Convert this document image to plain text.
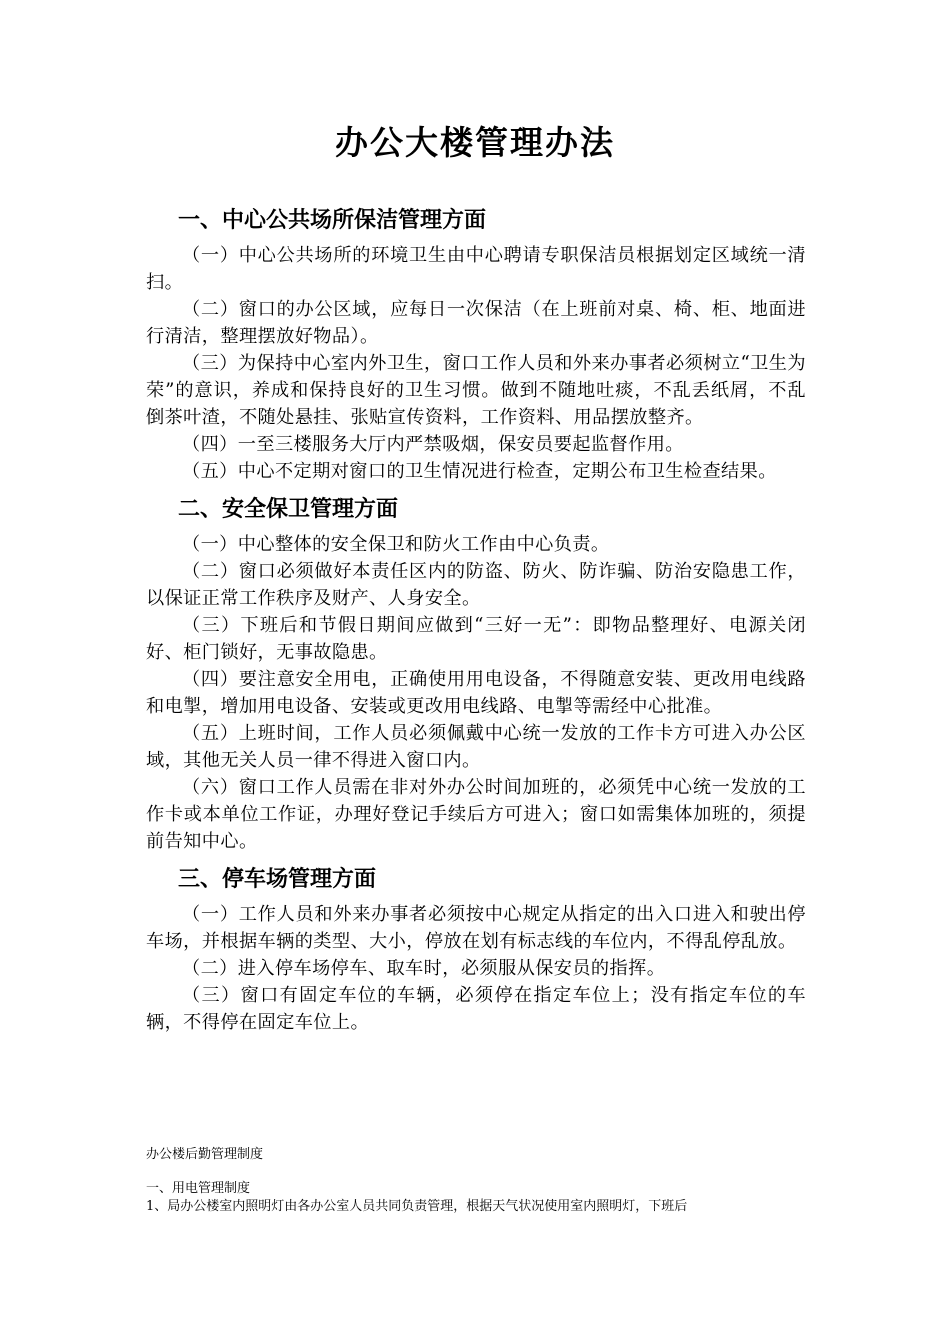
办公大楼管理办法
一、中心公共场所保洁管理方面

（一）中心公共场所的环境卫生由中心聘请专职保洁员根据划定区域统一清扫。

（二）窗口的办公区域，应每日一次保洁（在上班前对桌、椅、柜、地面进行清洁，整理摆放好物品）。

（三）为保持中心室内外卫生，窗口工作人员和外来办事者必须树立“卫生为荣”的意识，养成和保持良好的卫生习惯。做到不随地吐痰，不乱丢纸屑，不乱倒茶叶渣，不随处悬挂、张贴宣传资料，工作资料、用品摆放整齐。

（四）一至三楼服务大厅内严禁吸烟，保安员要起监督作用。

（五）中心不定期对窗口的卫生情况进行检查，定期公布卫生检查结果。

二、安全保卫管理方面

（一）中心整体的安全保卫和防火工作由中心负责。

（二）窗口必须做好本责任区内的防盗、防火、防诈骗、防治安隐患工作，以保证正常工作秩序及财产、人身安全。

（三）下班后和节假日期间应做到“三好一无”：即物品整理好、电源关闭好、柜门锁好，无事故隐患。

（四）要注意安全用电，正确使用用电设备，不得随意安装、更改用电线路和电掣，增加用电设备、安装或更改用电线路、电掣等需经中心批准。

（五）上班时间，工作人员必须佩戴中心统一发放的工作卡方可进入办公区域，其他无关人员一律不得进入窗口内。

（六）窗口工作人员需在非对外办公时间加班的，必须凭中心统一发放的工作卡或本单位工作证，办理好登记手续后方可进入；窗口如需集体加班的，须提前告知中心。

三、停车场管理方面

（一）工作人员和外来办事者必须按中心规定从指定的出入口进入和驶出停车场，并根据车辆的类型、大小，停放在划有标志线的车位内，不得乱停乱放。

（二）进入停车场停车、取车时，必须服从保安员的指挥。

（三）窗口有固定车位的车辆，必须停在指定车位上；没有指定车位的车辆，不得停在固定车位上。

办公楼后勤管理制度

一、用电管理制度

1、局办公楼室内照明灯由各办公室人员共同负责管理，根据天气状况使用室内照明灯，下班后
